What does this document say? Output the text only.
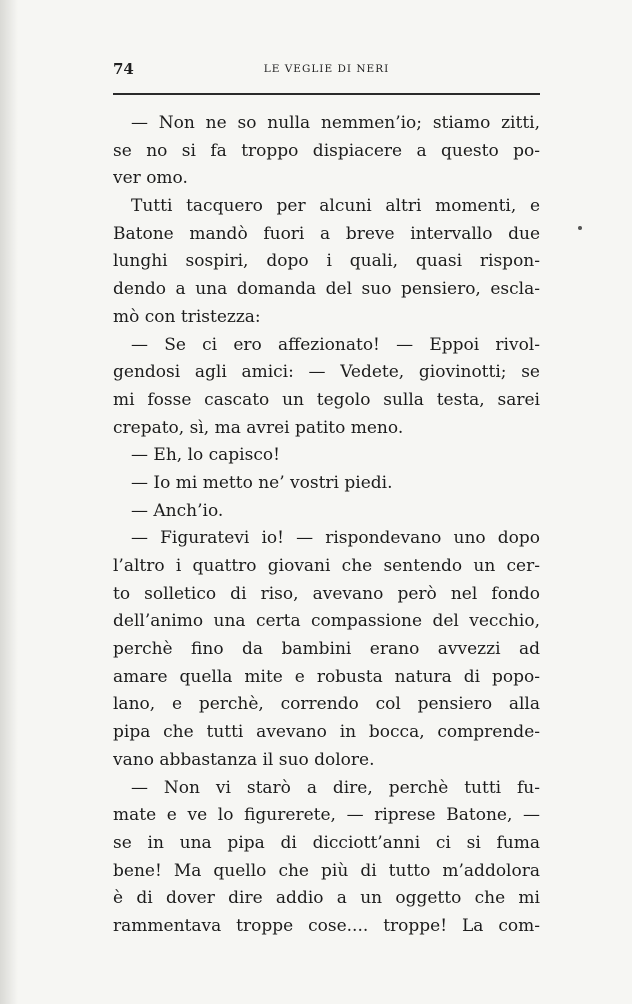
74	LE VEGLIE DI NERI
— Non ne so nulla nemmen’io; stiamo zitti,
se no si fa troppo dispiacere a questo po-
ver omo.
Tutti tacquero per alcuni altri momenti, e
Batone mandò fuori a breve intervallo due
lunghi sospiri, dopo i quali, quasi rispon-
dendo a una domanda del suo pensiero, escla-
mò con tristezza:
— Se ci ero affezionato! — Eppoi rivol-
gendosi agli amici: — Vedete, giovinotti; se
mi fosse cascato un tegolo sulla testa, sarei
crepato, sì, ma avrei patito meno.
— Eh, lo capisco!
— Io mi metto ne’ vostri piedi.
— Anch’io.
— Figuratevi io! — rispondevano uno dopo
l’altro i quattro giovani che sentendo un cer-
to solletico di riso, avevano però nel fondo
dell’animo una certa compassione del vecchio,
perchè fino da bambini erano avvezzi ad
amare quella mite e robusta natura di popo-
lano, e perchè, correndo col pensiero alla
pipa che tutti avevano in bocca, comprende-
vano abbastanza il suo dolore.
— Non vi starò a dire, perchè tutti fu-
mate e ve lo figurerete, — riprese Batone, —
se in una pipa di dicciott’anni ci si fuma
bene! Ma quello che più di tutto m’addolora
è di dover dire addio a un oggetto che mi
rammentava troppe cose.... troppe! La com-
